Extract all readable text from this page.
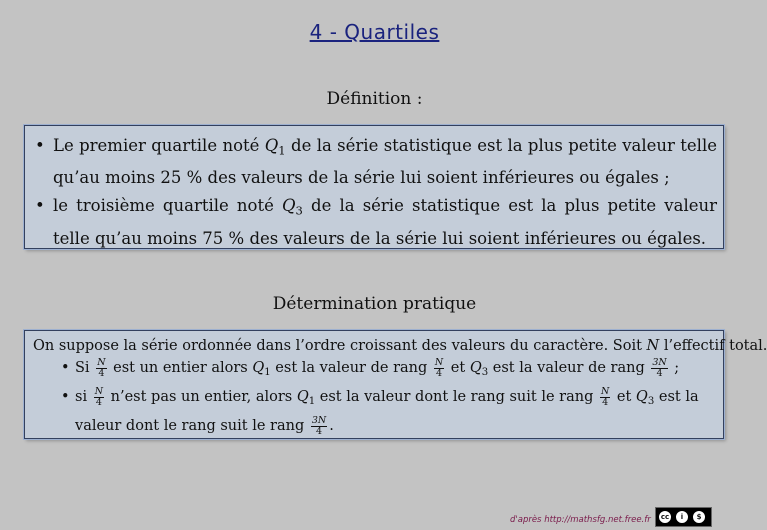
4 - Quartiles
Définition :
• Le premier quartile noté $Q_1$ de la série statistique est la plus petite valeur telle qu’au moins 25 % des valeurs de la série lui soient inférieures ou égales ;
• le troisième quartile noté $Q_3$ de la série statistique est la plus petite valeur telle qu’au moins 75 % des valeurs de la série lui soient inférieures ou égales.
Détermination pratique
On suppose la série ordonnée dans l’ordre croissant des valeurs du caractère. Soit N l’effectif total.
• Si $\frac{N}{4}$ est un entier alors $Q_1$ est la valeur de rang $\frac{N}{4}$ et $Q_3$ est la valeur de rang $\frac{3N}{4}$ ;
• si $\frac{N}{4}$ n’est pas un entier, alors $Q_1$ est la valeur dont le rang suit le rang $\frac{N}{4}$ et $Q_3$ est la valeur dont le rang suit le rang $\frac{3N}{4}$ .
d'après http://mathsfg.net.free.fr	cc	i	$
